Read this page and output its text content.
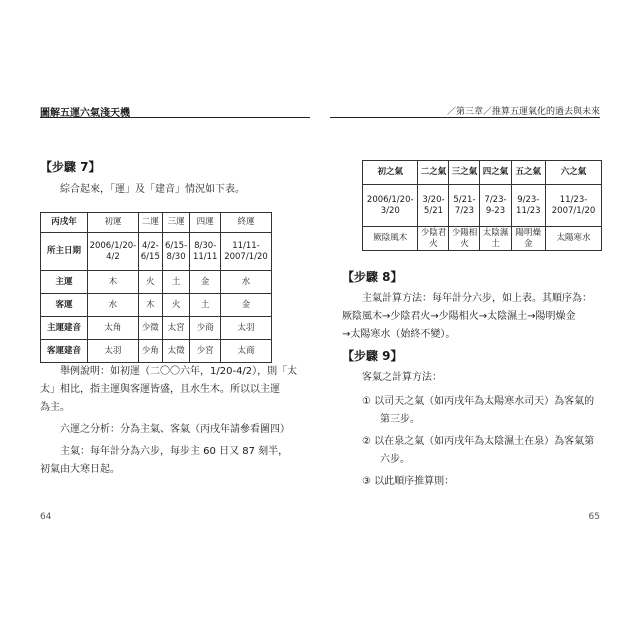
圖解五運六氣淺天機	／第三章／推算五運氣化的過去與未來
【步驟 7】
綜合起來，「運」及「建音」情況如下表。
丙戌年	初運	二運	三運	四運	終運
所主日期	2006/1/20-4/2	4/2-6/15	6/15-8/30	8/30-11/11	11/11-2007/1/20
主運	木	火	土	金	水
客運	水	木	火	土	金
主運建音	太角	少徵	太宮	少商	太羽
客運建音	太羽	少角	太徵	少宮	太商
舉例說明：如初運（二〇〇六年，1/20-4/2），則「太
太」相比，指主運與客運皆盛，且水生木。所以以主運
為主。
六運之分析：分為主氣、客氣（丙戌年請參看圖四）
主氣：每年計分為六步，每步主 60 日又 87 刻半，
初氣由大寒日起。
64
初之氣	二之氣	三之氣	四之氣	五之氣	六之氣
2006/1/20-3/20	3/20-5/21	5/21-7/23	7/23-9-23	9/23-11/23	11/23-2007/1/20
厥陰風木	少陰君火	少陽相火	太陰濕土	陽明燥金	太陽寒水
【步驟 8】
主氣計算方法：每年計分六步，如上表。其順序為：
厥陰風木→少陰君火→少陽相火→太陰濕土→陽明燥金
→太陽寒水（始終不變）。
【步驟 9】
客氣之計算方法：
① 以司天之氣（如丙戌年為太陽寒水司天）為客氣的
第三步。
② 以在泉之氣（如丙戌年為太陰濕土在泉）為客氣第
六步。
③ 以此順序推算則：
65
